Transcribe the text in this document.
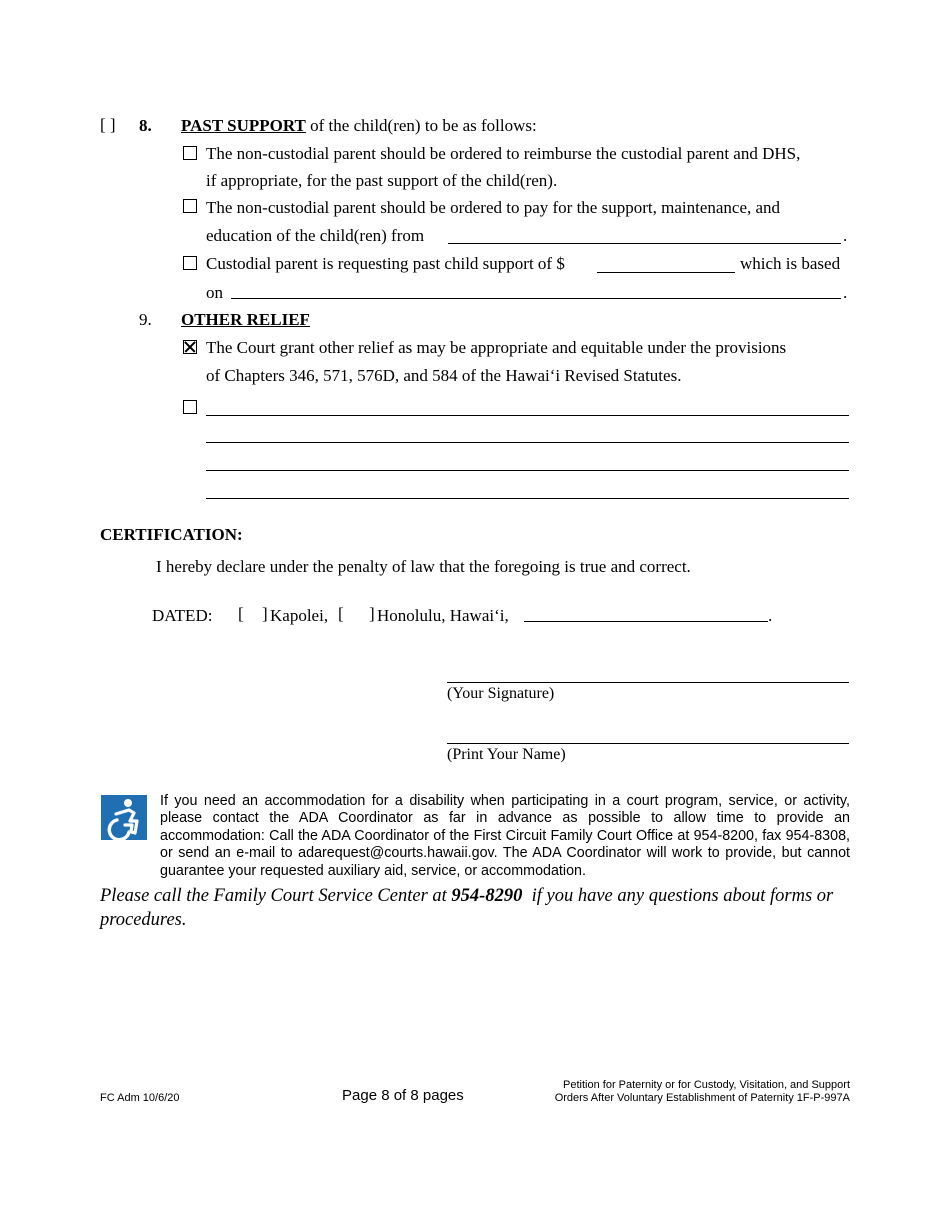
[ ] 8. PAST SUPPORT of the child(ren) to be as follows:
The non-custodial parent should be ordered to reimburse the custodial parent and DHS,
if appropriate, for the past support of the child(ren).
The non-custodial parent should be ordered to pay for the support, maintenance, and
education of the child(ren) from	.
Custodial parent is requesting past child support of $	which is based
on	.
9. OTHER RELIEF
The Court grant other relief as may be appropriate and equitable under the provisions
of Chapters 346, 571, 576D, and 584 of the Hawai‘i Revised Statutes.
CERTIFICATION:
I hereby declare under the penalty of law that the foregoing is true and correct.
DATED: [ ] Kapolei, [ ] Honolulu, Hawai‘i,	.
(Your Signature)
(Print Your Name)
If you need an accommodation for a disability when participating in a court program, service, or activity, please contact the ADA Coordinator as far in advance as possible to allow time to provide an accommodation: Call the ADA Coordinator of the First Circuit Family Court Office at 954-8200, fax 954-8308, or send an e-mail to adarequest@courts.hawaii.gov. The ADA Coordinator will work to provide, but cannot guarantee your requested auxiliary aid, service, or accommodation.
Please call the Family Court Service Center at 954-8290 if you have any questions about forms or
procedures.
FC Adm 10/6/20	Page 8 of 8 pages
Petition for Paternity or for Custody, Visitation, and Support
Orders After Voluntary Establishment of Paternity 1F-P-997A
